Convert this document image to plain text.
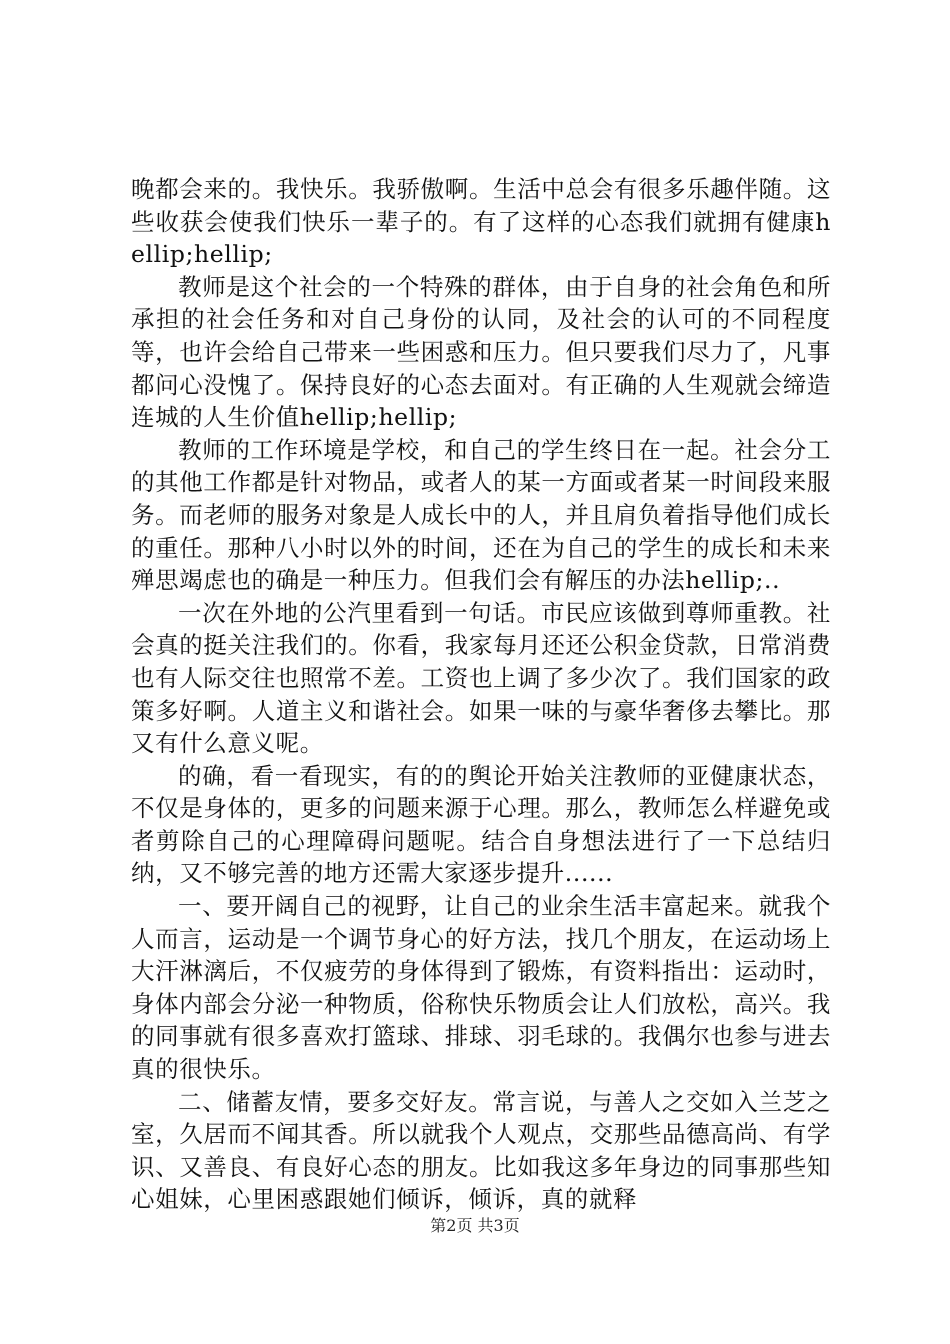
晚都会来的。我快乐。我骄傲啊。生活中总会有很多乐趣伴随。这些收获会使我们快乐一辈子的。有了这样的心态我们就拥有健康hellip;hellip;

教师是这个社会的一个特殊的群体，由于自身的社会角色和所承担的社会任务和对自己身份的认同，及社会的认可的不同程度等，也许会给自己带来一些困惑和压力。但只要我们尽力了，凡事都问心没愧了。保持良好的心态去面对。有正确的人生观就会缔造连城的人生价值hellip;hellip;

教师的工作环境是学校，和自己的学生终日在一起。社会分工的其他工作都是针对物品，或者人的某一方面或者某一时间段来服务。而老师的服务对象是人成长中的人，并且肩负着指导他们成长的重任。那种八小时以外的时间，还在为自己的学生的成长和未来殚思竭虑也的确是一种压力。但我们会有解压的办法hellip;..

一次在外地的公汽里看到一句话。市民应该做到尊师重教。社会真的挺关注我们的。你看，我家每月还还公积金贷款，日常消费也有人际交往也照常不差。工资也上调了多少次了。我们国家的政策多好啊。人道主义和谐社会。如果一味的与豪华奢侈去攀比。那又有什么意义呢。

的确，看一看现实，有的的舆论开始关注教师的亚健康状态，不仅是身体的，更多的问题来源于心理。那么，教师怎么样避免或者剪除自己的心理障碍问题呢。结合自身想法进行了一下总结归纳，又不够完善的地方还需大家逐步提升......

一、要开阔自己的视野，让自己的业余生活丰富起来。就我个人而言，运动是一个调节身心的好方法，找几个朋友，在运动场上大汗淋漓后，不仅疲劳的身体得到了锻炼，有资料指出：运动时，身体内部会分泌一种物质，俗称快乐物质会让人们放松，高兴。我的同事就有很多喜欢打篮球、排球、羽毛球的。我偶尔也参与进去真的很快乐。

二、储蓄友情，要多交好友。常言说，与善人之交如入兰芝之室，久居而不闻其香。所以就我个人观点，交那些品德高尚、有学识、又善良、有良好心态的朋友。比如我这多年身边的同事那些知心姐妹，心里困惑跟她们倾诉，倾诉，真的就释

第2页 共3页
